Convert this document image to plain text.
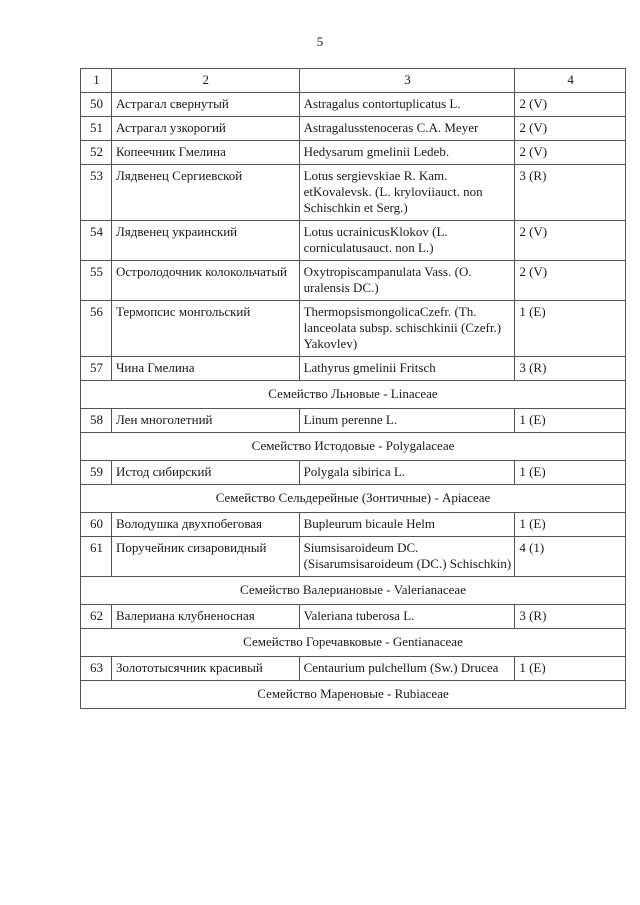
5
1	2	3	4
50	Астрагал свернутый	Astragalus contortuplicatus L.	2 (V)
51	Астрагал узкорогий	Astragalusstenoceras C.A. Meyer	2 (V)
52	Копеечник Гмелина	Hedysarum gmelinii Ledeb.	2 (V)
53	Лядвенец Сергиевской	Lotus sergievskiae R. Kam. etKovalevsk. (L. kryloviiauct. non Schischkin et Serg.)	3 (R)
54	Лядвенец украинский	Lotus ucrainicusKlokov (L. corniculatusauct. non L.)	2 (V)
55	Остролодочник колокольчатый	Oxytropiscampanulata Vass. (O. uralensis DC.)	2 (V)
56	Термопсис монгольский	ThermopsismongolicaCzefr. (Th. lanceolata subsp. schischkinii (Czefr.) Yakovlev)	1 (E)
57	Чина Гмелина	Lathyrus gmelinii Fritsch	3 (R)
Семейство Льновые - Linaceae			
58	Лен многолетний	Linum perenne L.	1 (E)
Семейство Истодовые - Polygalaceae			
59	Истод сибирский	Polygala sibirica L.	1 (E)
Семейство Сельдерейные (Зонтичные) - Apiaceae			
60	Володушка двухпобеговая	Bupleurum bicaule Helm	1 (E)
61	Поручейник сизаровидный	Siumsisaroideum DC. (Sisarumsisaroideum (DC.) Schischkin)	4 (1)
Семейство Валериановые - Valerianaceae			
62	Валериана клубненосная	Valeriana tuberosa L.	3 (R)
Семейство Горечавковые - Gentianaceae			
63	Золототысячник красивый	Centaurium pulchellum (Sw.) Drucea	1 (E)
Семейство Мареновые - Rubiaceae			
